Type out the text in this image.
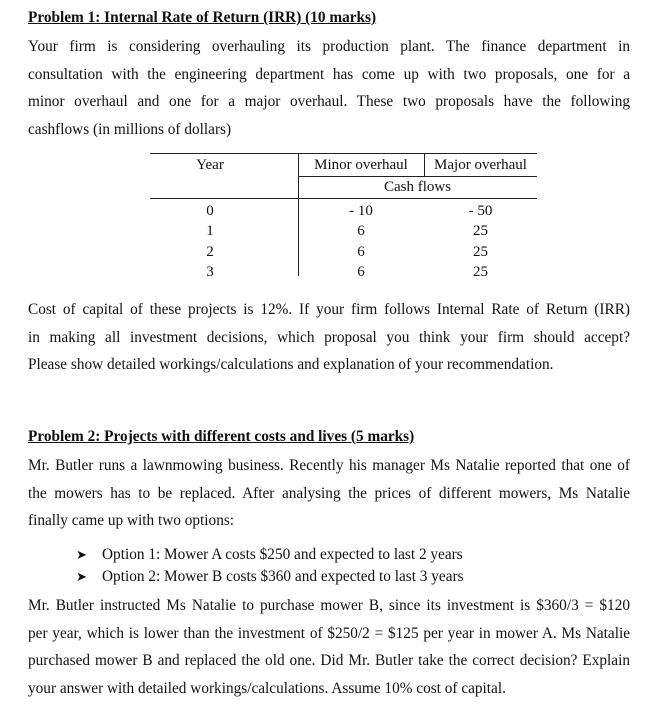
Problem 1: Internal Rate of Return (IRR) (10 marks)

Your firm is considering overhauling its production plant. The finance department in
consultation with the engineering department has come up with two proposals, one for a
minor overhaul and one for a major overhaul. These two proposals have the following
cashflows (in millions of dollars)

Year	Minor overhaul	Major overhaul
Cash flows
0	- 10	- 50
1	6	25
2	6	25
3	6	25

Cost of capital of these projects is 12%. If your firm follows Internal Rate of Return (IRR)
in making all investment decisions, which proposal you think your firm should accept?
Please show detailed workings/calculations and explanation of your recommendation.

Problem 2: Projects with different costs and lives (5 marks)

Mr. Butler runs a lawnmowing business. Recently his manager Ms Natalie reported that one of
the mowers has to be replaced. After analysing the prices of different mowers, Ms Natalie
finally came up with two options:

➤ Option 1: Mower A costs $250 and expected to last 2 years
➤ Option 2: Mower B costs $360 and expected to last 3 years

Mr. Butler instructed Ms Natalie to purchase mower B, since its investment is $360/3 = $120
per year, which is lower than the investment of $250/2 = $125 per year in mower A. Ms Natalie
purchased mower B and replaced the old one. Did Mr. Butler take the correct decision? Explain
your answer with detailed workings/calculations. Assume 10% cost of capital.
